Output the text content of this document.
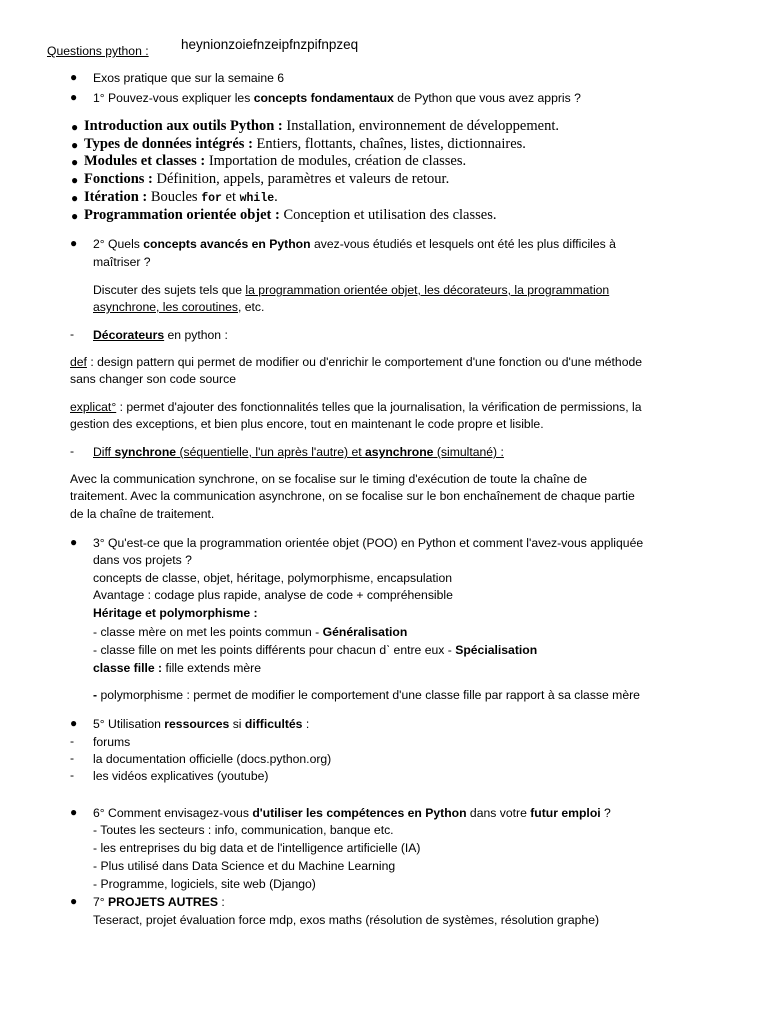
Questions python : heynionzoiefnzeipfnzpifnpzeq
● Exos pratique que sur la semaine 6
● 1° Pouvez-vous expliquer les concepts fondamentaux de Python que vous avez appris ?
● Introduction aux outils Python : Installation, environnement de développement.
● Types de données intégrés : Entiers, flottants, chaînes, listes, dictionnaires.
● Modules et classes : Importation de modules, création de classes.
● Fonctions : Définition, appels, paramètres et valeurs de retour.
● Itération : Boucles for et while.
● Programmation orientée objet : Conception et utilisation des classes.
● 2° Quels concepts avancés en Python avez-vous étudiés et lesquels ont été les plus difficiles à
maîtriser ?
Discuter des sujets tels que la programmation orientée objet, les décorateurs, la programmation
asynchrone, les coroutines, etc.
- Décorateurs en python :
def : design pattern qui permet de modifier ou d'enrichir le comportement d'une fonction ou d'une méthode
sans changer son code source
explicat° : permet d'ajouter des fonctionnalités telles que la journalisation, la vérification de permissions, la
gestion des exceptions, et bien plus encore, tout en maintenant le code propre et lisible.
- Diff synchrone (séquentielle, l'un après l'autre) et asynchrone (simultané) :
Avec la communication synchrone, on se focalise sur le timing d'exécution de toute la chaîne de
traitement. Avec la communication asynchrone, on se focalise sur le bon enchaînement de chaque partie
de la chaîne de traitement.
● 3° Qu'est-ce que la programmation orientée objet (POO) en Python et comment l'avez-vous appliquée
dans vos projets ?
concepts de classe, objet, héritage, polymorphisme, encapsulation
Avantage : codage plus rapide, analyse de code + compréhensible
Héritage et polymorphisme :
- classe mère on met les points commun - Généralisation
- classe fille on met les points différents pour chacun dˋ entre eux - Spécialisation
classe fille : fille extends mère
- polymorphisme : permet de modifier le comportement d'une classe fille par rapport à sa classe mère
● 5° Utilisation ressources si difficultés :
- forums
- la documentation officielle (docs.python.org)
- les vidéos explicatives (youtube)
● 6° Comment envisagez-vous d'utiliser les compétences en Python dans votre futur emploi ?
- Toutes les secteurs : info, communication, banque etc.
- les entreprises du big data et de l'intelligence artificielle (IA)
- Plus utilisé dans Data Science et du Machine Learning
- Programme, logiciels, site web (Django)
● 7° PROJETS AUTRES :
Teseract, projet évaluation force mdp, exos maths (résolution de systèmes, résolution graphe)
